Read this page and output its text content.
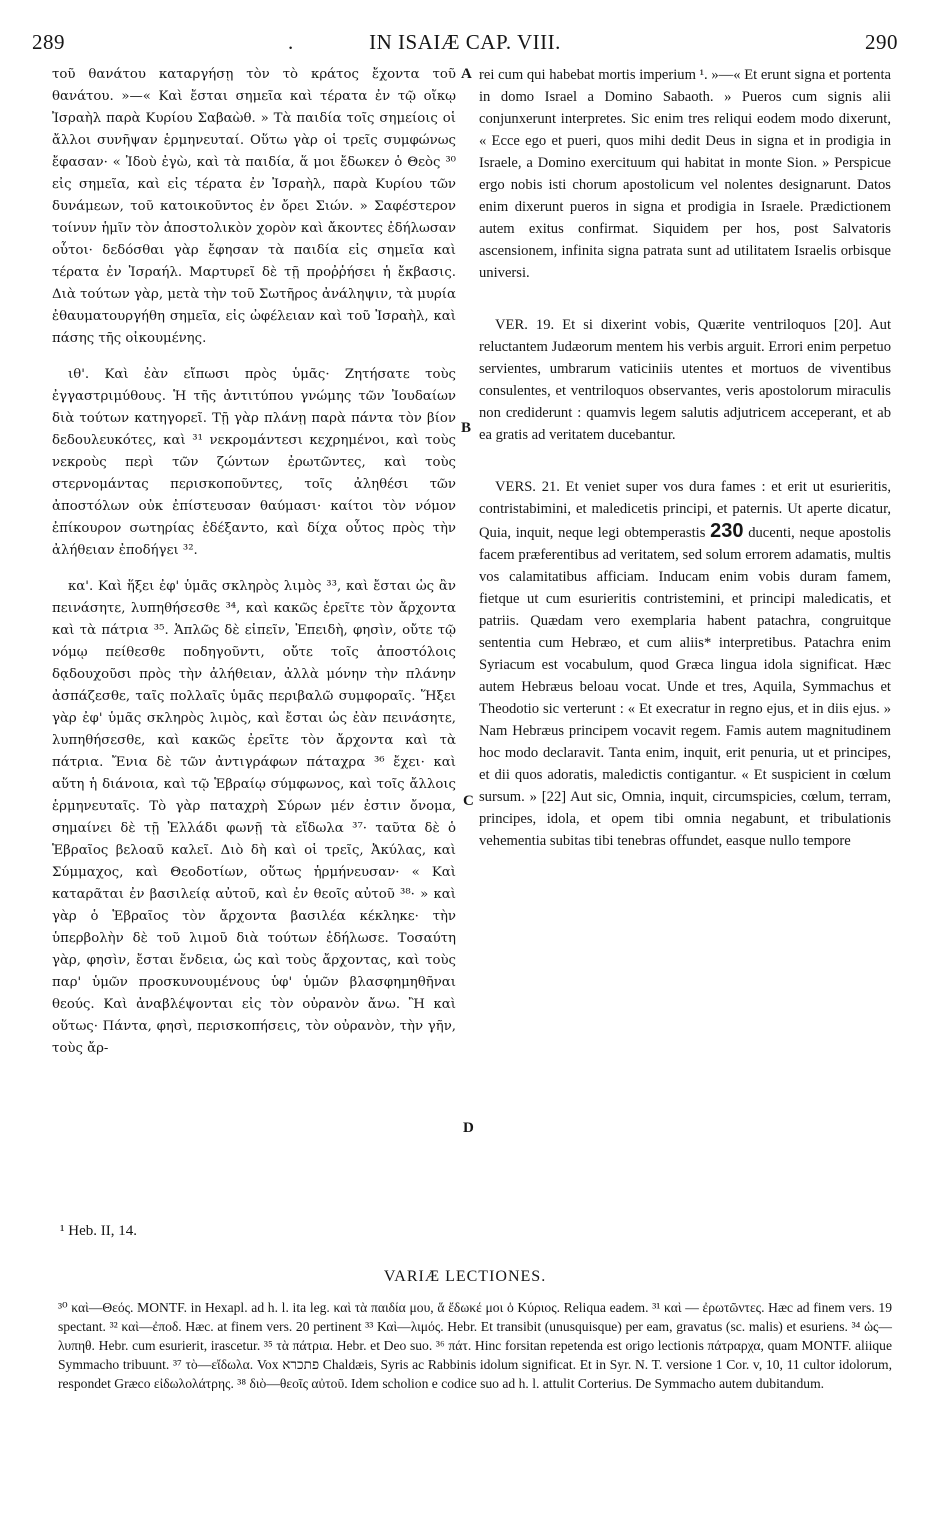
289	.	IN ISAIÆ CAP. VIII.	290

τοῦ θανάτου καταργήσῃ τὸν τὸ κράτος ἔχοντα τοῦ θανάτου. »—« Καὶ ἔσται σημεῖα καὶ τέρατα ἐν τῷ οἴκῳ Ἰσραὴλ παρὰ Κυρίου Σαβαὼθ. » Τὰ παιδία τοῖς σημείοις οἱ ἄλλοι συνῆψαν ἑρμηνευταί. Οὕτω γὰρ οἱ τρεῖς συμφώνως ἔφασαν· « Ἰδοὺ ἐγὼ, καὶ τὰ παιδία, ἅ μοι ἔδωκεν ὁ Θεὸς ³⁰ εἰς σημεῖα, καὶ εἰς τέρατα ἐν Ἰσραὴλ, παρὰ Κυρίου τῶν δυνάμεων, τοῦ κατοικοῦντος ἐν ὄρει Σιών. » Σαφέστερον τοίνυν ἡμῖν τὸν ἀποστολικὸν χορὸν καὶ ἄκοντες ἐδήλωσαν οὗτοι· δεδόσθαι γὰρ ἔφησαν τὰ παιδία εἰς σημεῖα καὶ τέρατα ἐν Ἰσραήλ. Μαρτυρεῖ δὲ τῇ προῤῥήσει ἡ ἔκβασις. Διὰ τούτων γὰρ, μετὰ τὴν τοῦ Σωτῆρος ἀνάληψιν, τὰ μυρία ἐθαυματουργήθη σημεῖα, εἰς ὠφέλειαν καὶ τοῦ Ἰσραὴλ, καὶ πάσης τῆς οἰκουμένης.

ιθ'. Καὶ ἐὰν εἴπωσι πρὸς ὑμᾶς· Ζητήσατε τοὺς ἐγγαστριμύθους. Ἡ τῆς ἀντιτύπου γνώμης τῶν Ἰουδαίων διὰ τούτων κατηγορεῖ. Τῇ γὰρ πλάνῃ παρὰ πάντα τὸν βίον δεδουλευκότες, καὶ ³¹ νεκρομάντεσι κεχρημένοι, καὶ τοὺς νεκροὺς περὶ τῶν ζώντων ἐρωτῶντες, καὶ τοὺς στερνομάντας περισκοποῦντες, τοῖς ἀληθέσι τῶν ἀποστόλων οὐκ ἐπίστευσαν θαύμασι· καίτοι τὸν νόμον ἐπίκουρον σωτηρίας ἐδέξαντο, καὶ δίχα οὗτος πρὸς τὴν ἀλήθειαν ἐποδήγει ³².

κα'. Καὶ ἥξει ἐφ' ὑμᾶς σκληρὸς λιμὸς ³³, καὶ ἔσται ὡς ἂν πεινάσητε, λυπηθήσεσθε ³⁴, καὶ κακῶς ἐρεῖτε τὸν ἄρχοντα καὶ τὰ πάτρια ³⁵. Ἁπλῶς δὲ εἰπεῖν, Ἐπειδὴ, φησὶν, οὔτε τῷ νόμῳ πείθεσθε ποδηγοῦντι, οὔτε τοῖς ἀποστόλοις δᾳδουχοῦσι πρὸς τὴν ἀλήθειαν, ἀλλὰ μόνην τὴν πλάνην ἀσπάζεσθε, ταῖς πολλαῖς ὑμᾶς περιβαλῶ συμφοραῖς. Ἥξει γὰρ ἐφ' ὑμᾶς σκληρὸς λιμὸς, καὶ ἔσται ὡς ἐὰν πεινάσητε, λυπηθήσεσθε, καὶ κακῶς ἐρεῖτε τὸν ἄρχοντα καὶ τὰ πάτρια. Ἔνια δὲ τῶν ἀντιγράφων πάταχρα ³⁶ ἔχει· καὶ αὕτη ἡ διάνοια, καὶ τῷ Ἑβραίῳ σύμφωνος, καὶ τοῖς ἄλλοις ἑρμηνευταῖς. Τὸ γὰρ παταχρὴ Σύρων μέν ἐστιν ὄνομα, σημαίνει δὲ τῇ Ἑλλάδι φωνῇ τὰ εἴδωλα ³⁷· ταῦτα δὲ ὁ Ἑβραῖος βελοαῦ καλεῖ. Διὸ δὴ καὶ οἱ τρεῖς, Ἀκύλας, καὶ Σύμμαχος, καὶ Θεοδοτίων, οὕτως ἡρμήνευσαν· « Καὶ καταρᾶται ἐν βασιλείᾳ αὐτοῦ, καὶ ἐν θεοῖς αὐτοῦ ³⁸· » καὶ γὰρ ὁ Ἑβραῖος τὸν ἄρχοντα βασιλέα κέκληκε· τὴν ὑπερβολὴν δὲ τοῦ λιμοῦ διὰ τούτων ἐδήλωσε. Τοσαύτη γὰρ, φησὶν, ἔσται ἔνδεια, ὡς καὶ τοὺς ἄρχοντας, καὶ τοὺς παρ' ὑμῶν προσκυνουμένους ὑφ' ὑμῶν βλασφημηθῆναι θεούς. Καὶ ἀναβλέψονται εἰς τὸν οὐρανὸν ἄνω. Ἢ καὶ οὕτως· Πάντα, φησὶ, περισκοπήσεις, τὸν οὐρανὸν, τὴν γῆν, τοὺς ἄρ-

A
B
C
D

rei cum qui habebat mortis imperium ¹. »—« Et erunt signa et portenta in domo Israel a Domino Sabaoth. » Pueros cum signis alii conjunxerunt interpretes. Sic enim tres reliqui eodem modo dixerunt, « Ecce ego et pueri, quos mihi dedit Deus in signa et in prodigia in Israele, a Domino exercituum qui habitat in monte Sion. » Perspicue ergo nobis isti chorum apostolicum vel nolentes designarunt. Datos enim dixerunt pueros in signa et prodigia in Israele. Prædictionem autem exitus confirmat. Siquidem per hos, post Salvatoris ascensionem, infinita signa patrata sunt ad utilitatem Israelis orbisque universi.

VER. 19. Et si dixerint vobis, Quærite ventriloquos [20]. Aut reluctantem Judæorum mentem his verbis arguit. Errori enim perpetuo servientes, umbrarum vaticiniis utentes et mortuos de viventibus consulentes, et ventriloquos observantes, veris apostolorum miraculis non crediderunt : quamvis legem salutis adjutricem acceperant, et ab ea gratis ad veritatem ducebantur.

VERS. 21. Et veniet super vos dura fames : et erit ut esurieritis, contristabimini, et maledicetis principi, et paternis. Ut aperte dicatur, Quia, inquit, neque legi obtemperastis 230 ducenti, neque apostolis facem præferentibus ad veritatem, sed solum errorem adamatis, multis vos calamitatibus afficiam. Inducam enim vobis duram famem, fietque ut cum esurieritis contristemini, et principi maledicatis, et patriis. Quædam vero exemplaria habent patachra, congruitque sententia cum Hebræo, et cum aliis* interpretibus. Patachra enim Syriacum est vocabulum, quod Græca lingua idola significat. Hæc autem Hebræus beloau vocat. Unde et tres, Aquila, Symmachus et Theodotio sic verterunt : « Et execratur in regno ejus, et in diis ejus. » Nam Hebræus principem vocavit regem. Famis autem magnitudinem hoc modo declaravit. Tanta enim, inquit, erit penuria, ut et principes, et dii quos adoratis, maledictis contigantur. « Et suspicient in cœlum sursum. » [22] Aut sic, Omnia, inquit, circumspicies, cœlum, terram, principes, idola, et opem tibi omnia negabunt, et tribulationis vehementia subitas tibi tenebras offundet, easque nullo tempore

¹ Heb. II, 14.
VARIÆ LECTIONES.

³⁰ καὶ—Θεός. MONTF. in Hexapl. ad h. l. ita leg. καὶ τὰ παιδία μου, ἅ ἔδωκέ μοι ὁ Κύριος. Reliqua eadem. ³¹ καὶ — ἐρωτῶντες. Hæc ad finem vers. 19 spectant. ³² καὶ—ἐποδ. Hæc. at finem vers. 20 pertinent ³³ Καὶ—λιμός. Hebr. Et transibit (unusquisque) per eam, gravatus (sc. malis) et esuriens. ³⁴ ὡς—λυπηθ. Hebr. cum esurierit, irascetur. ³⁵ τὰ πάτρια. Hebr. et Deo suo. ³⁶ πάτ. Hinc forsitan repetenda est origo lectionis πάτραρχα, quam MONTF. aliique Symmacho tribuunt. ³⁷ τὸ—εἴδωλα. Vox פתכרא Chaldæis, Syris ac Rabbinis idolum significat. Et in Syr. N. T. versione 1 Cor. v, 10, 11 cultor idolorum, respondet Græco εἰδωλολάτρης. ³⁸ διὸ—θεοῖς αὐτοῦ. Idem scholion e codice suo ad h. l. attulit Corterius. De Symmacho autem dubitandum.
